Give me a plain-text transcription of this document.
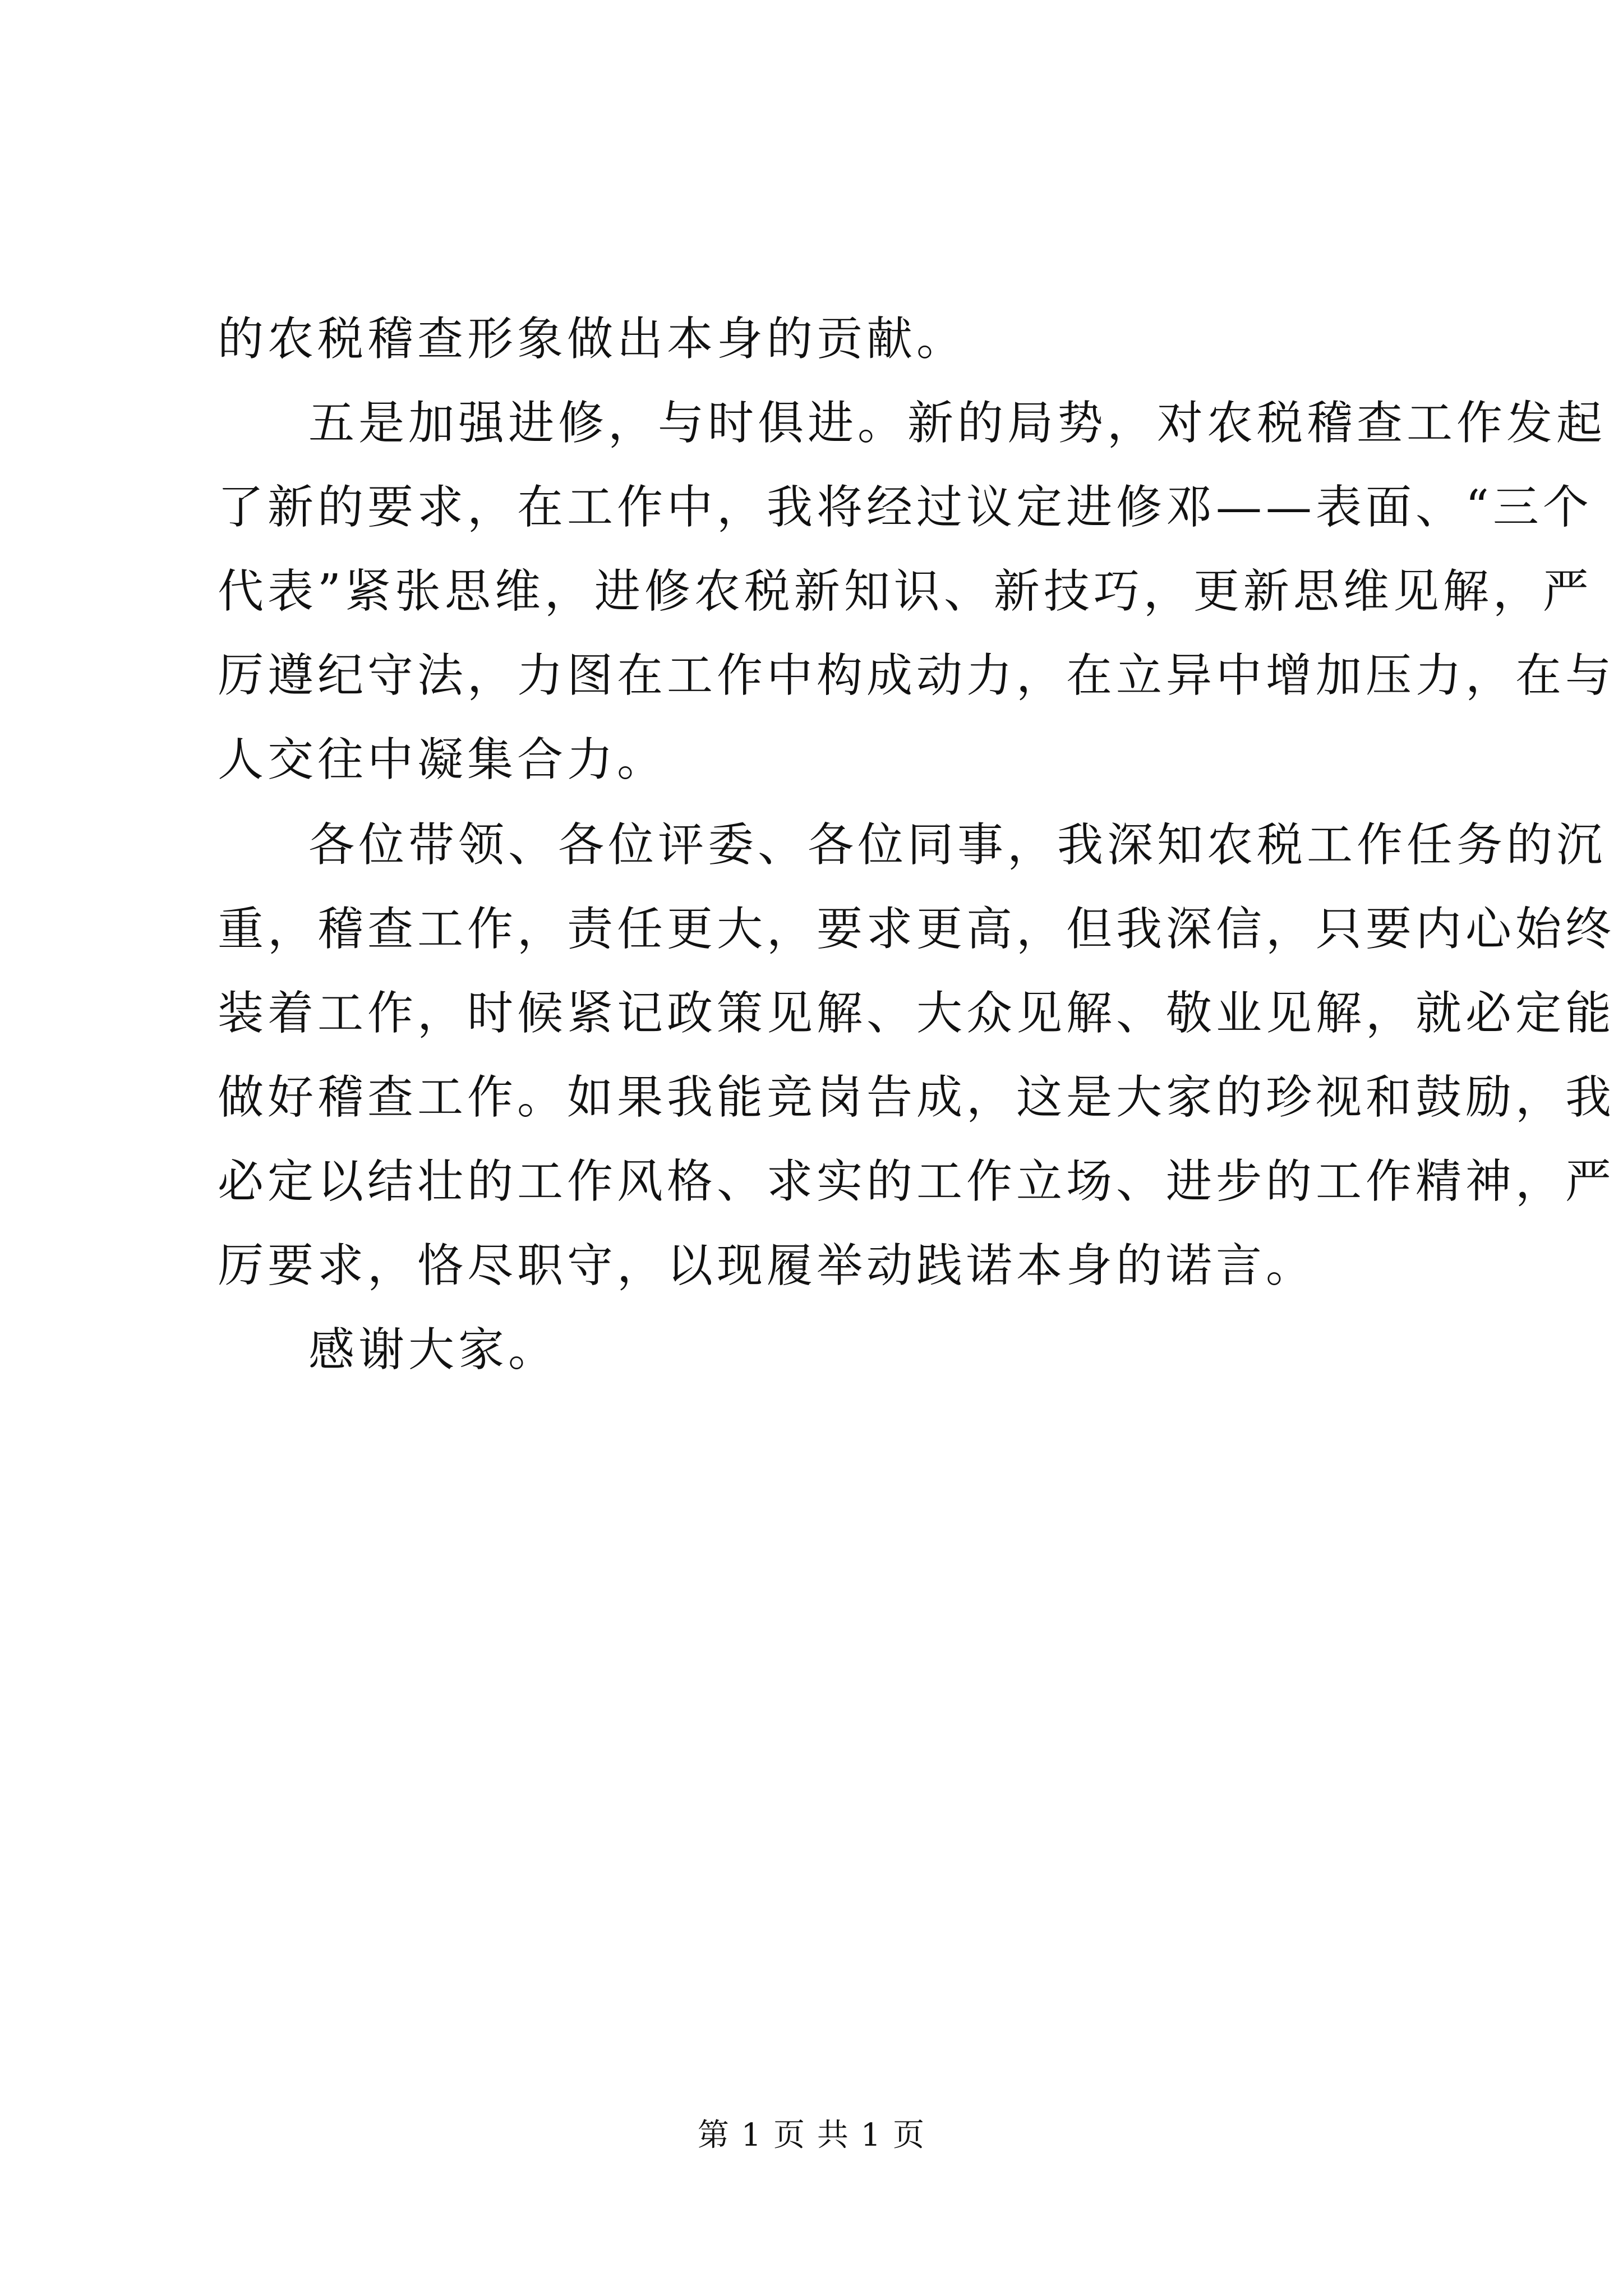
的农税稽查形象做出本身的贡献。
五是加强进修，与时俱进。新的局势，对农税稽查工作发起
了新的要求，在工作中，我将经过议定进修邓——表面、“三个
代表”紧张思维，进修农税新知识、新技巧，更新思维见解，严
厉遵纪守法，力图在工作中构成动力，在立异中增加压力，在与
人交往中凝集合力。
各位带领、各位评委、各位同事，我深知农税工作任务的沉
重，稽查工作，责任更大，要求更高，但我深信，只要内心始终
装着工作，时候紧记政策见解、大众见解、敬业见解，就必定能
做好稽查工作。如果我能竞岗告成，这是大家的珍视和鼓励，我
必定以结壮的工作风格、求实的工作立场、进步的工作精神，严
厉要求，恪尽职守，以现履举动践诺本身的诺言。
感谢大家。
第 1 页 共 1 页
